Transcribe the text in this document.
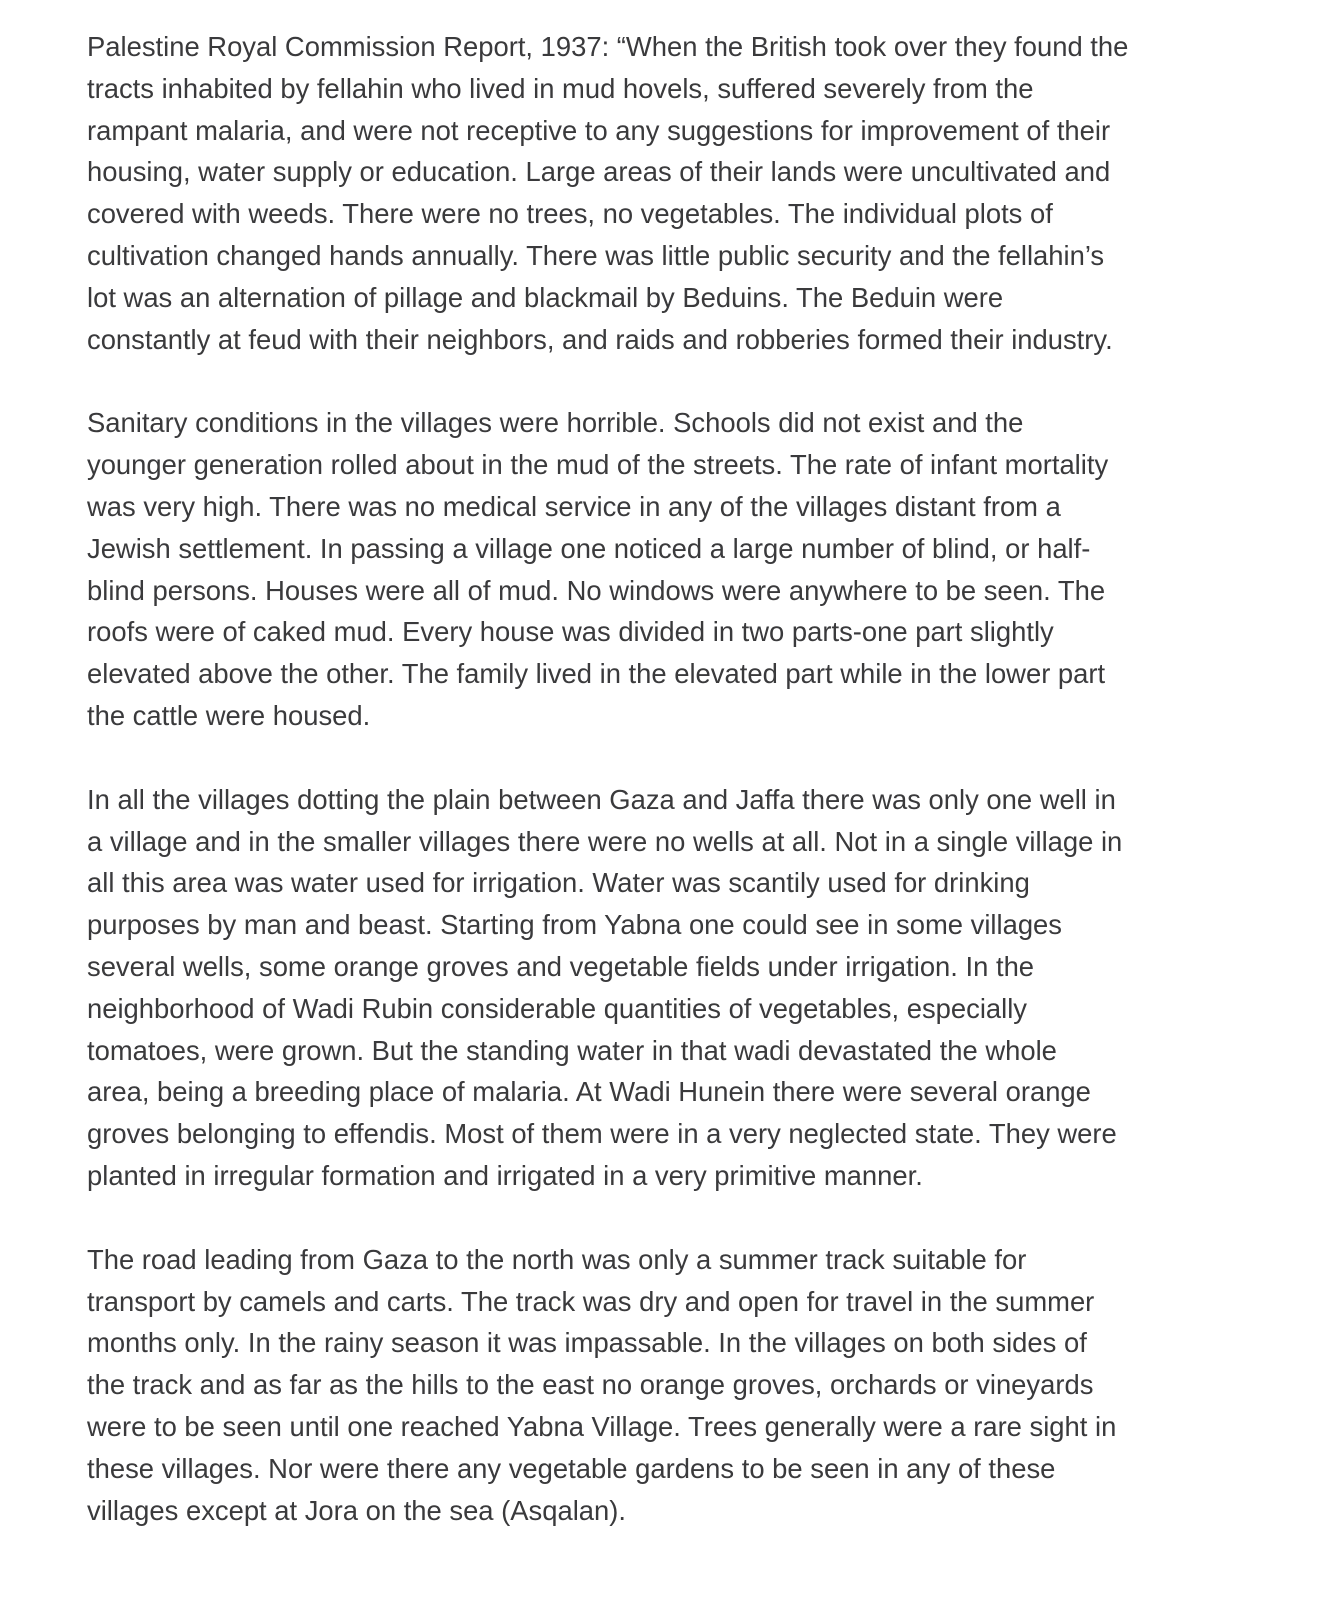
Palestine Royal Commission Report, 1937: “When the British took over they found the
tracts inhabited by fellahin who lived in mud hovels, suffered severely from the
rampant malaria, and were not receptive to any suggestions for improvement of their
housing, water supply or education. Large areas of their lands were uncultivated and
covered with weeds. There were no trees, no vegetables. The individual plots of
cultivation changed hands annually. There was little public security and the fellahin’s
lot was an alternation of pillage and blackmail by Beduins. The Beduin were
constantly at feud with their neighbors, and raids and robberies formed their industry.

Sanitary conditions in the villages were horrible. Schools did not exist and the
younger generation rolled about in the mud of the streets. The rate of infant mortality
was very high. There was no medical service in any of the villages distant from a
Jewish settlement. In passing a village one noticed a large number of blind, or half-
blind persons. Houses were all of mud. No windows were anywhere to be seen. The
roofs were of caked mud. Every house was divided in two parts-one part slightly
elevated above the other. The family lived in the elevated part while in the lower part
the cattle were housed.

In all the villages dotting the plain between Gaza and Jaffa there was only one well in
a village and in the smaller villages there were no wells at all. Not in a single village in
all this area was water used for irrigation. Water was scantily used for drinking
purposes by man and beast. Starting from Yabna one could see in some villages
several wells, some orange groves and vegetable fields under irrigation. In the
neighborhood of Wadi Rubin considerable quantities of vegetables, especially
tomatoes, were grown. But the standing water in that wadi devastated the whole
area, being a breeding place of malaria. At Wadi Hunein there were several orange
groves belonging to effendis. Most of them were in a very neglected state. They were
planted in irregular formation and irrigated in a very primitive manner.

The road leading from Gaza to the north was only a summer track suitable for
transport by camels and carts. The track was dry and open for travel in the summer
months only. In the rainy season it was impassable. In the villages on both sides of
the track and as far as the hills to the east no orange groves, orchards or vineyards
were to be seen until one reached Yabna Village. Trees generally were a rare sight in
these villages. Nor were there any vegetable gardens to be seen in any of these
villages except at Jora on the sea (Asqalan).
